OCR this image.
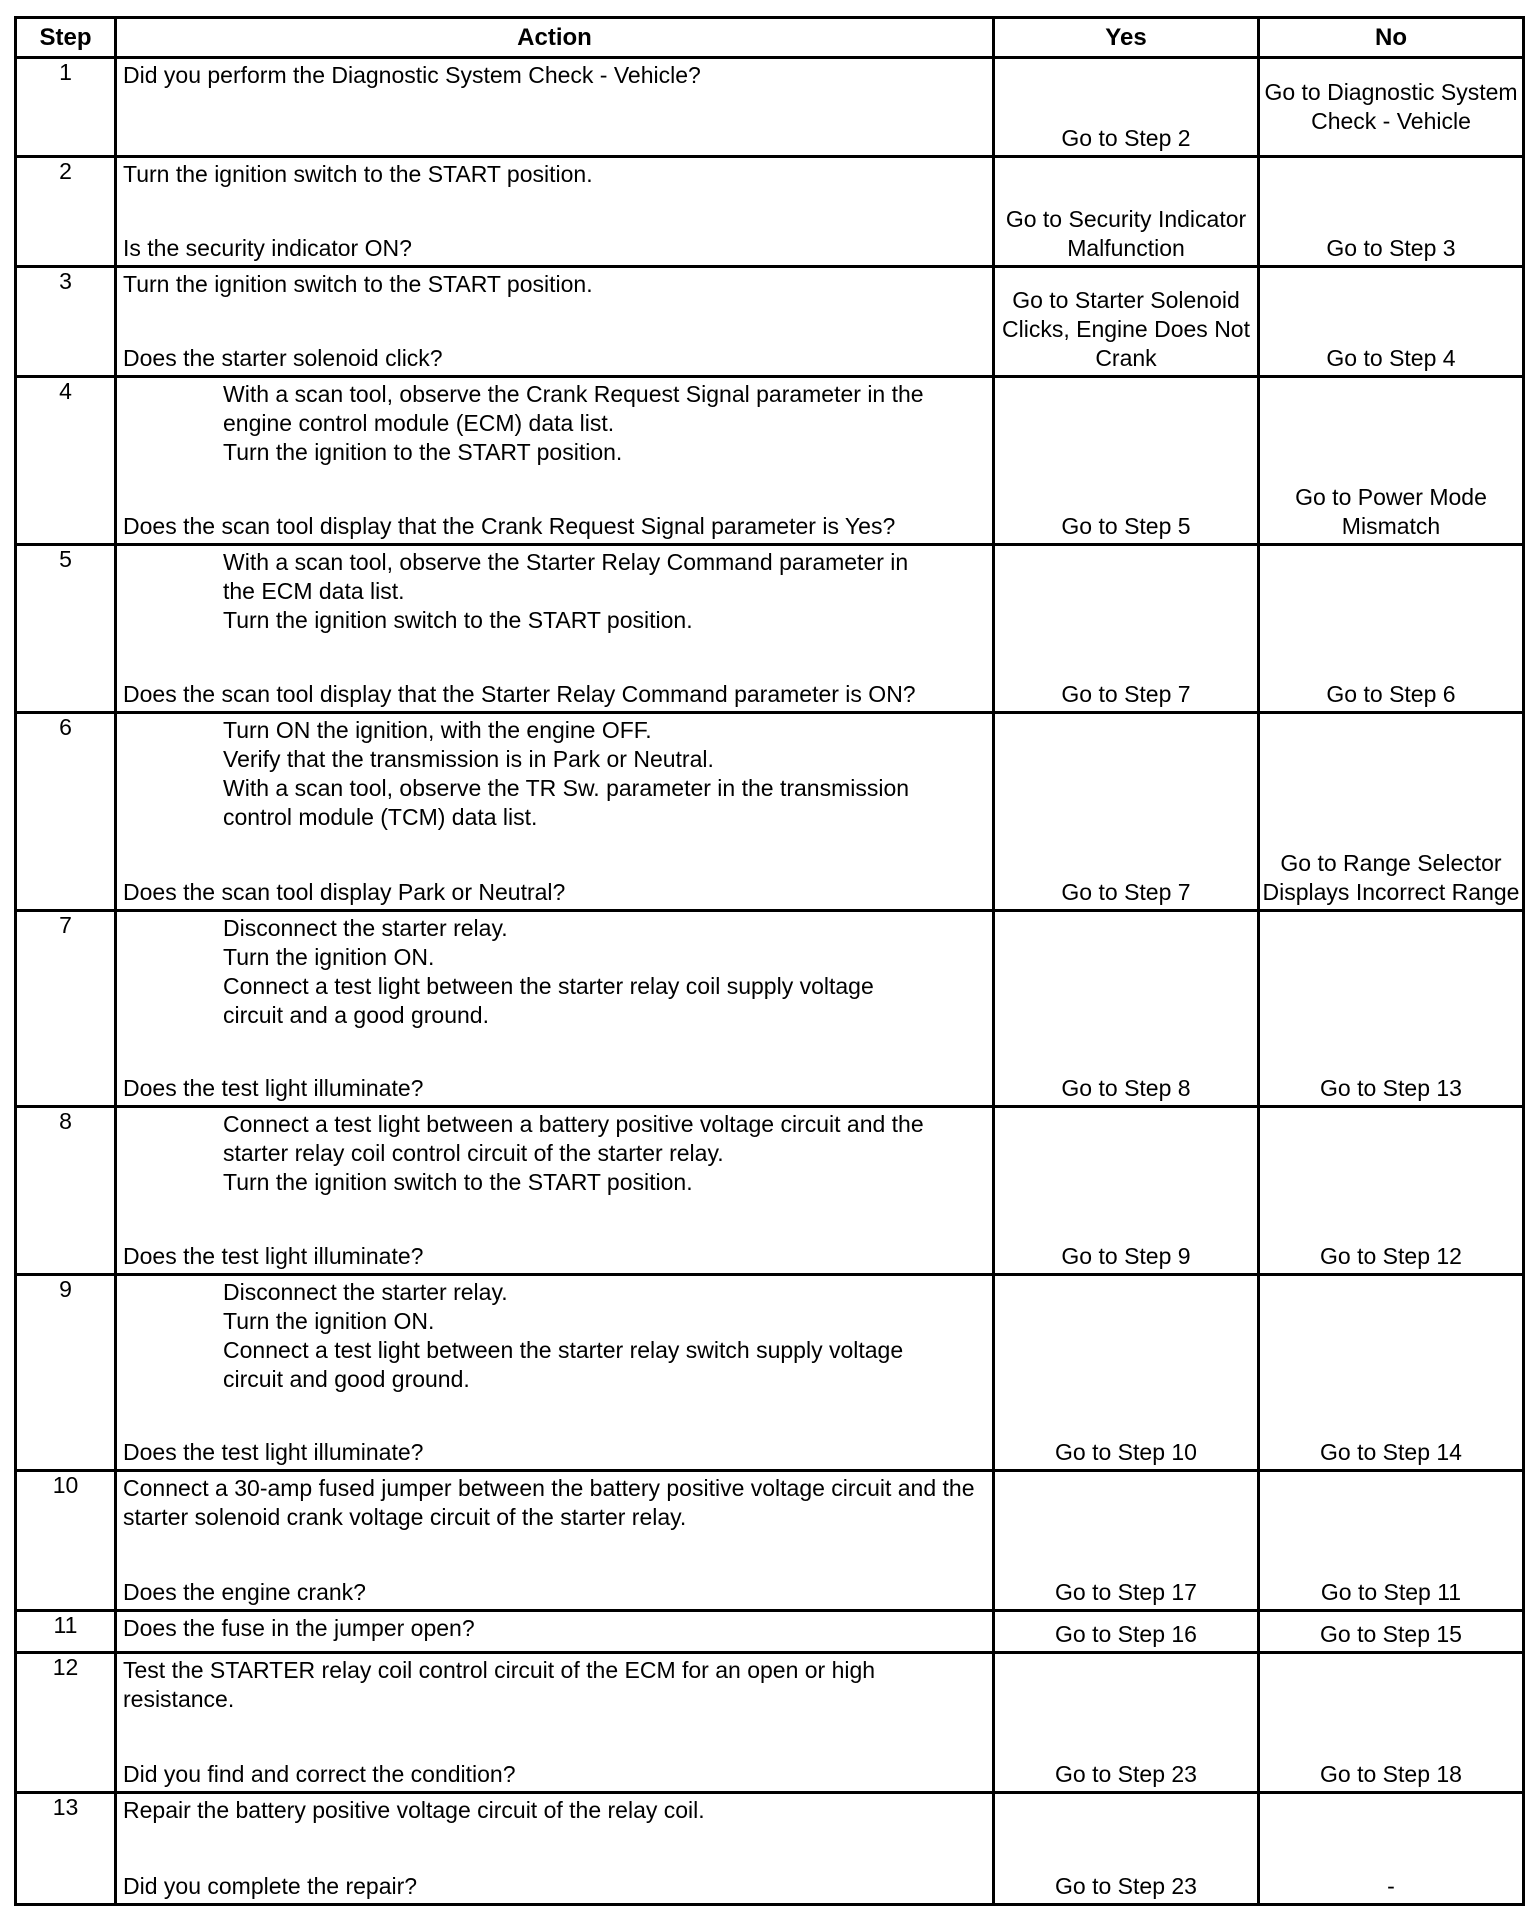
Step	Action	Yes	No
1	Did you perform the Diagnostic System Check - Vehicle?	Go to Step 2	Go to Diagnostic System Check - Vehicle

2	Turn the ignition switch to the START position.
Is the security indicator ON?	Go to Security Indicator Malfunction	Go to Step 3

3	Turn the ignition switch to the START position.
Does the starter solenoid click?	Go to Starter Solenoid Clicks, Engine Does Not Crank	Go to Step 4

4	With a scan tool, observe the Crank Request Signal parameter in the
engine control module (ECM) data list.
Turn the ignition to the START position.
Does the scan tool display that the Crank Request Signal parameter is Yes?	Go to Step 5	Go to Power Mode Mismatch

5	With a scan tool, observe the Starter Relay Command parameter in
the ECM data list.
Turn the ignition switch to the START position.
Does the scan tool display that the Starter Relay Command parameter is ON?	Go to Step 7	Go to Step 6

6	Turn ON the ignition, with the engine OFF.
Verify that the transmission is in Park or Neutral.
With a scan tool, observe the TR Sw. parameter in the transmission
control module (TCM) data list.
Does the scan tool display Park or Neutral?	Go to Step 7	Go to Range Selector Displays Incorrect Range

7	Disconnect the starter relay.
Turn the ignition ON.
Connect a test light between the starter relay coil supply voltage
circuit and a good ground.
Does the test light illuminate?	Go to Step 8	Go to Step 13

8	Connect a test light between a battery positive voltage circuit and the
starter relay coil control circuit of the starter relay.
Turn the ignition switch to the START position.
Does the test light illuminate?	Go to Step 9	Go to Step 12

9	Disconnect the starter relay.
Turn the ignition ON.
Connect a test light between the starter relay switch supply voltage
circuit and good ground.
Does the test light illuminate?	Go to Step 10	Go to Step 14

10	Connect a 30-amp fused jumper between the battery positive voltage circuit and the starter solenoid crank voltage circuit of the starter relay.
Does the engine crank?	Go to Step 17	Go to Step 11

11	Does the fuse in the jumper open?	Go to Step 16	Go to Step 15

12	Test the STARTER relay coil control circuit of the ECM for an open or high resistance.
Did you find and correct the condition?	Go to Step 23	Go to Step 18

13	Repair the battery positive voltage circuit of the relay coil.
Did you complete the repair?	Go to Step 23	-
